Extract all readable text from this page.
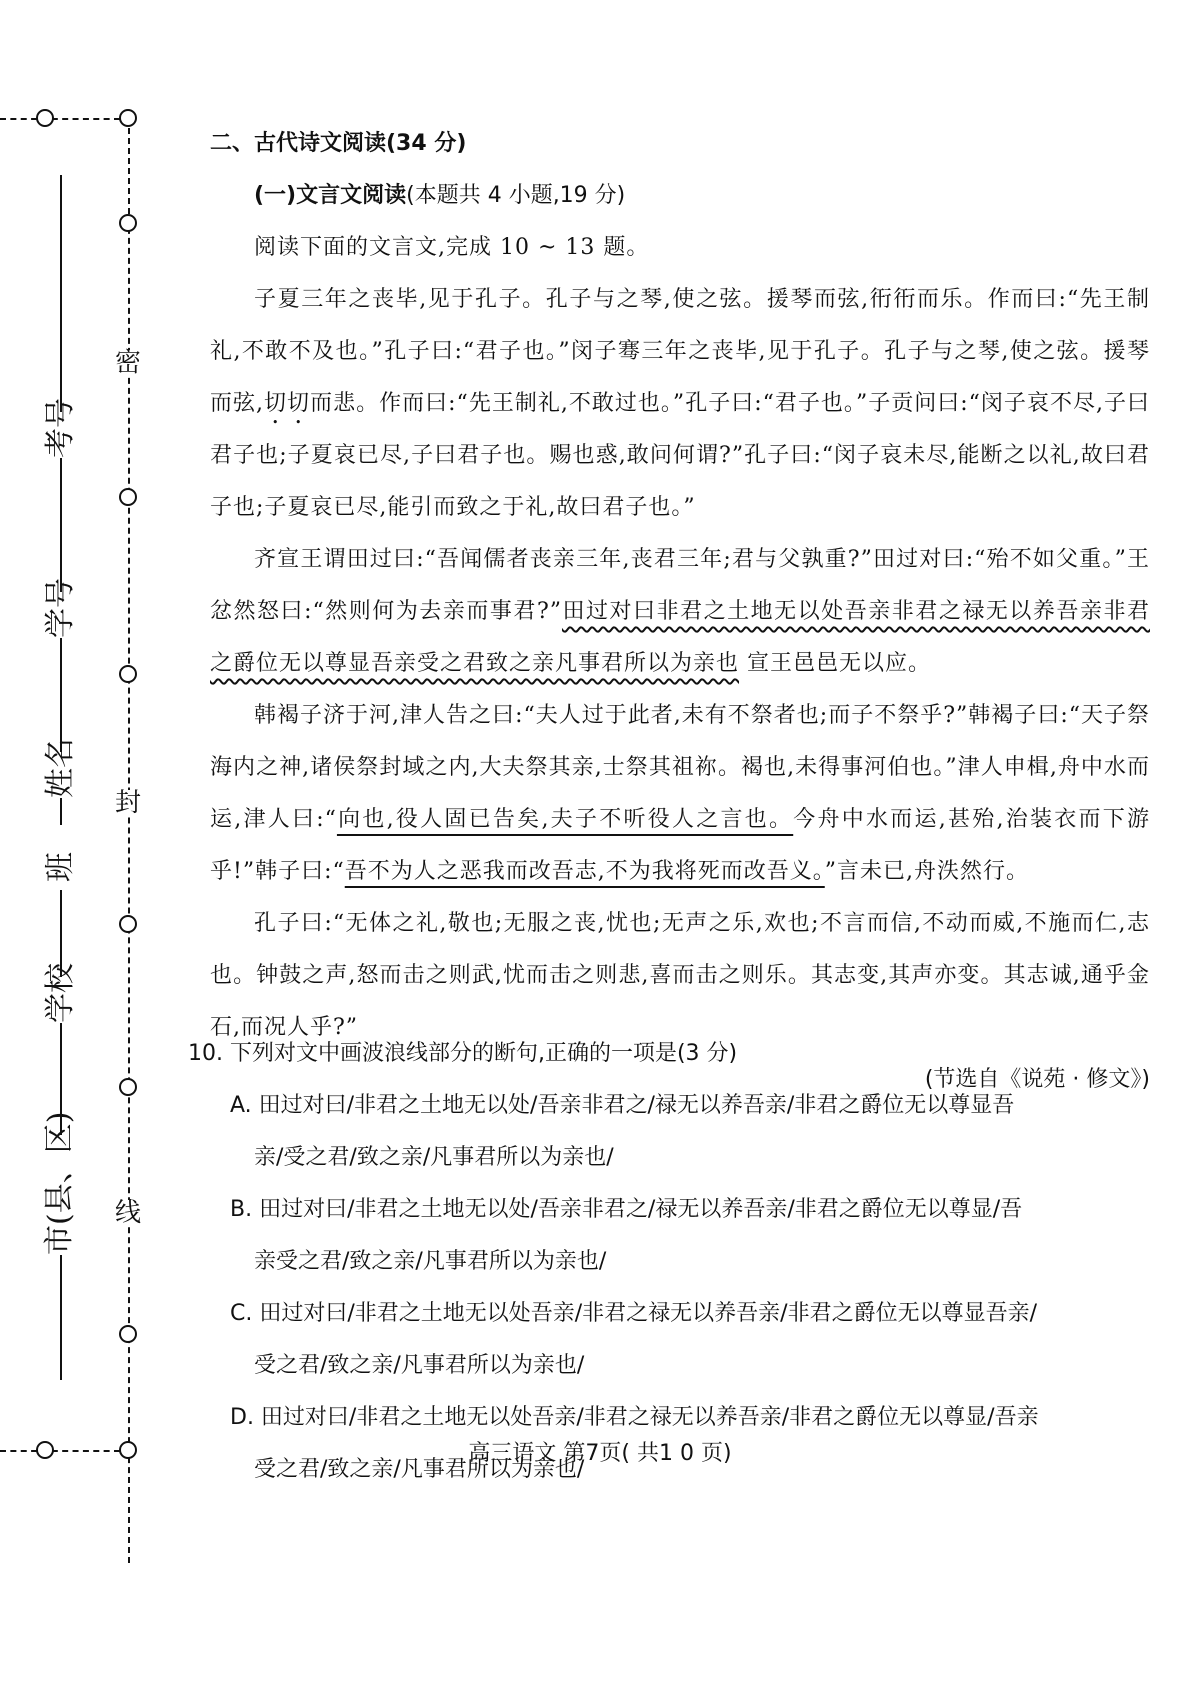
密
封
线
考号
学号
姓名
班
学校
市(县、区)

二、古代诗文阅读(34 分)

(一)文言文阅读(本题共 4 小题,19 分)

阅读下面的文言文,完成 10 ~ 13 题。

子夏三年之丧毕,见于孔子。孔子与之琴,使之弦。援琴而弦,衎衎而乐。作而曰:“先王制礼,不敢不及也。”孔子曰:“君子也。”闵子骞三年之丧毕,见于孔子。孔子与之琴,使之弦。援琴而弦,切切而悲。作而曰:“先王制礼,不敢过也。”孔子曰:“君子也。”子贡问曰:“闵子哀不尽,子曰君子也;子夏哀已尽,子曰君子也。赐也惑,敢问何谓?”孔子曰:“闵子哀未尽,能断之以礼,故曰君子也;子夏哀已尽,能引而致之于礼,故曰君子也。”

齐宣王谓田过曰:“吾闻儒者丧亲三年,丧君三年;君与父孰重?”田过对曰:“殆不如父重。”王忿然怒曰:“然则何为去亲而事君?”田过对曰非君之土地无以处吾亲非君之禄无以养吾亲非君之爵位无以尊显吾亲受之君致之亲凡事君所以为亲也 宣王邑邑无以应。

韩褐子济于河,津人告之曰:“夫人过于此者,未有不祭者也;而子不祭乎?”韩褐子曰:“天子祭海内之神,诸侯祭封域之内,大夫祭其亲,士祭其祖祢。褐也,未得事河伯也。”津人申楫,舟中水而运,津人曰:“向也,役人固已告矣,夫子不听役人之言也。今舟中水而运,甚殆,治装衣而下游乎!”韩子曰:“吾不为人之恶我而改吾志,不为我将死而改吾义。”言未已,舟泆然行。

孔子曰:“无体之礼,敬也;无服之丧,忧也;无声之乐,欢也;不言而信,不动而威,不施而仁,志也。钟鼓之声,怒而击之则武,忧而击之则悲,喜而击之则乐。其志变,其声亦变。其志诚,通乎金石,而况人乎?”

(节选自《说苑 · 修文》)

10. 下列对文中画波浪线部分的断句,正确的一项是(3 分)

A. 田过对曰/非君之土地无以处/吾亲非君之/禄无以养吾亲/非君之爵位无以尊显吾
亲/受之君/致之亲/凡事君所以为亲也/

B. 田过对曰/非君之土地无以处/吾亲非君之/禄无以养吾亲/非君之爵位无以尊显/吾
亲受之君/致之亲/凡事君所以为亲也/

C. 田过对曰/非君之土地无以处吾亲/非君之禄无以养吾亲/非君之爵位无以尊显吾亲/
受之君/致之亲/凡事君所以为亲也/

D. 田过对曰/非君之土地无以处吾亲/非君之禄无以养吾亲/非君之爵位无以尊显/吾亲
受之君/致之亲/凡事君所以为亲也/

高三语文 第7页( 共1 0 页)
